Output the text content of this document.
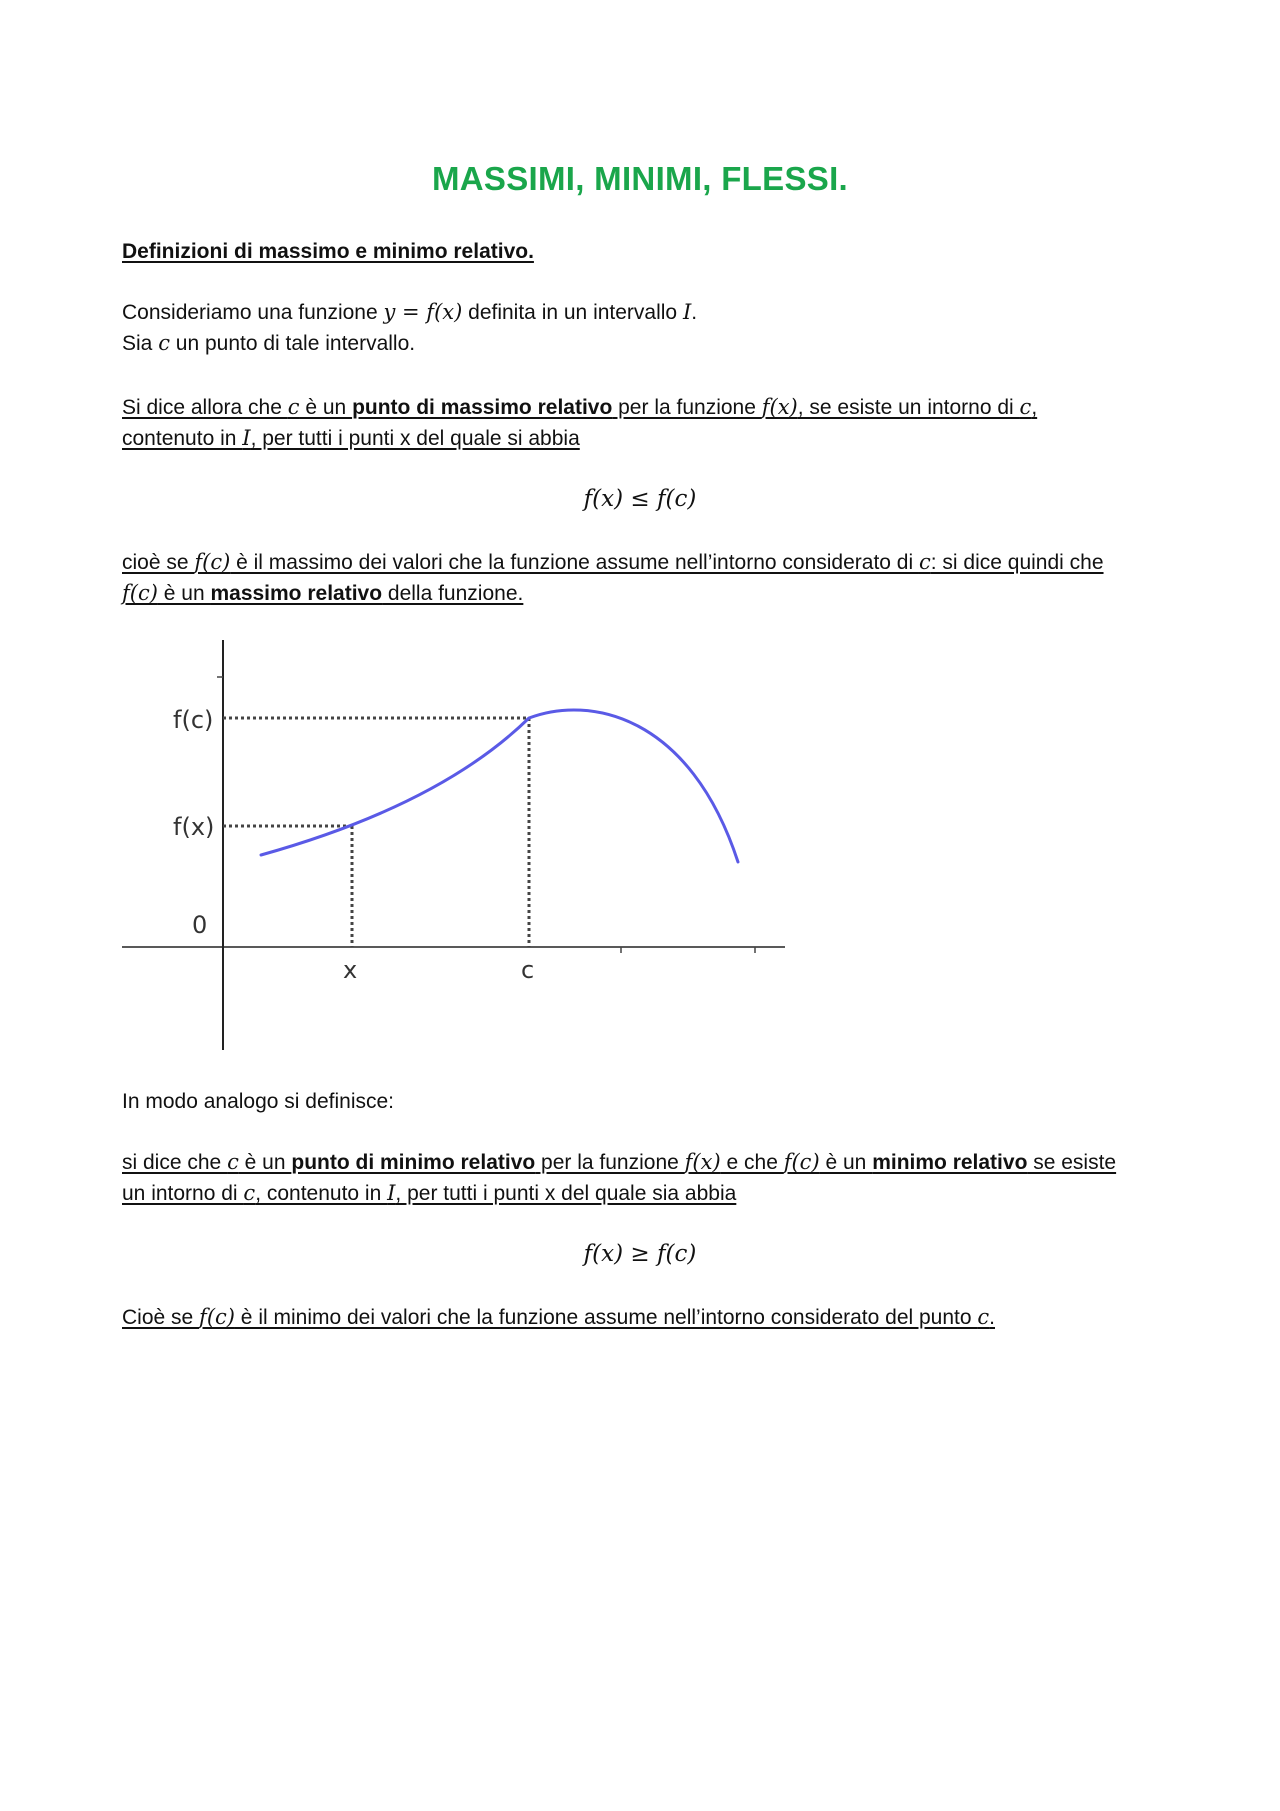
MASSIMI, MINIMI, FLESSI.
Definizioni di massimo e minimo relativo.
Consideriamo una funzione y = f(x) definita in un intervallo I.
Sia c un punto di tale intervallo.
Si dice allora che c è un punto di massimo relativo per la funzione f(x), se esiste un intorno di c,
contenuto in I, per tutti i punti x del quale si abbia
f(x) ≤ f(c)
cioè se f(c) è il massimo dei valori che la funzione assume nell’intorno considerato di c: si dice quindi che
f(c) è un massimo relativo della funzione.
f(c)
f(x)
0
x	c
In modo analogo si definisce:
si dice che c è un punto di minimo relativo per la funzione f(x) e che f(c) è un minimo relativo se esiste
un intorno di c, contenuto in I, per tutti i punti x del quale sia abbia
f(x) ≥ f(c)
Cioè se f(c) è il minimo dei valori che la funzione assume nell’intorno considerato del punto c.
